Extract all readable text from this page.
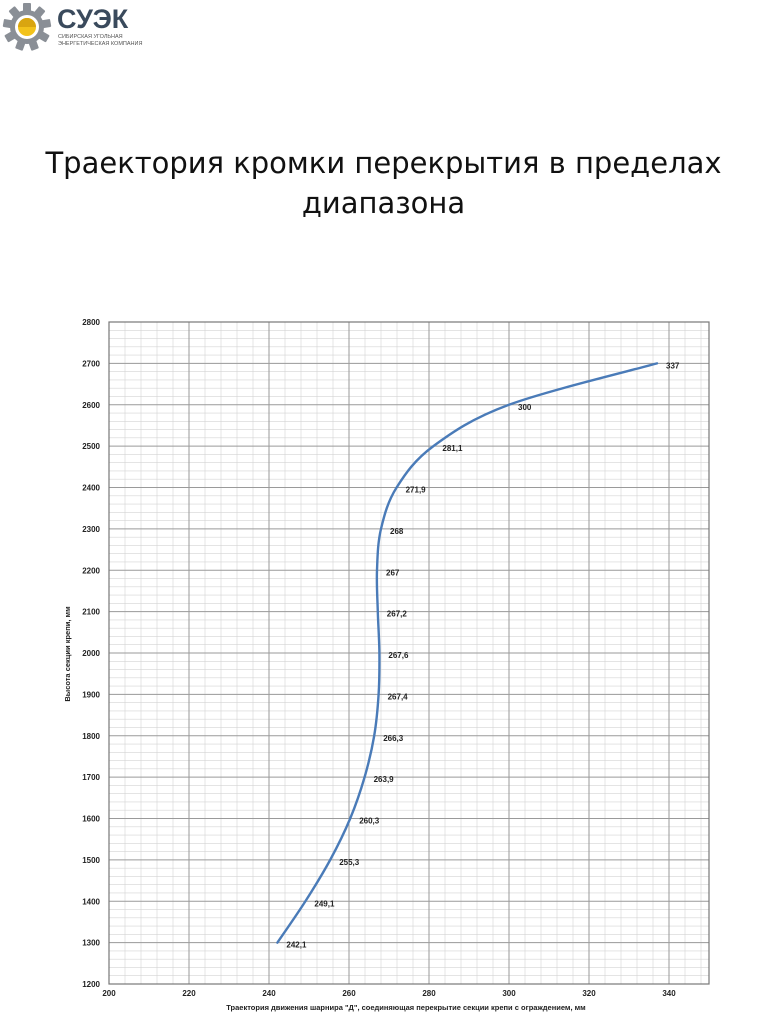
СУЭК
СИБИРСКАЯ УГОЛЬНАЯ
ЭНЕРГЕТИЧЕСКАЯ КОМПАНИЯ
Траектория кромки перекрытия в пределах
диапазона
200	220	240	260	280	300	320	340
1200
1300
1400
1500
1600
1700
1800
1900
2000
2100
2200
2300
2400
2500
2600
2700
2800
242,1
249,1
255,3
260,3
263,9
266,3
267,4
267,6
267,2
267
268
271,9
281,1
300
337
Траектория движения шарнира "Д", соединяющая перекрытие секции крепи с ограждением, мм
Высота секции крепи, мм
